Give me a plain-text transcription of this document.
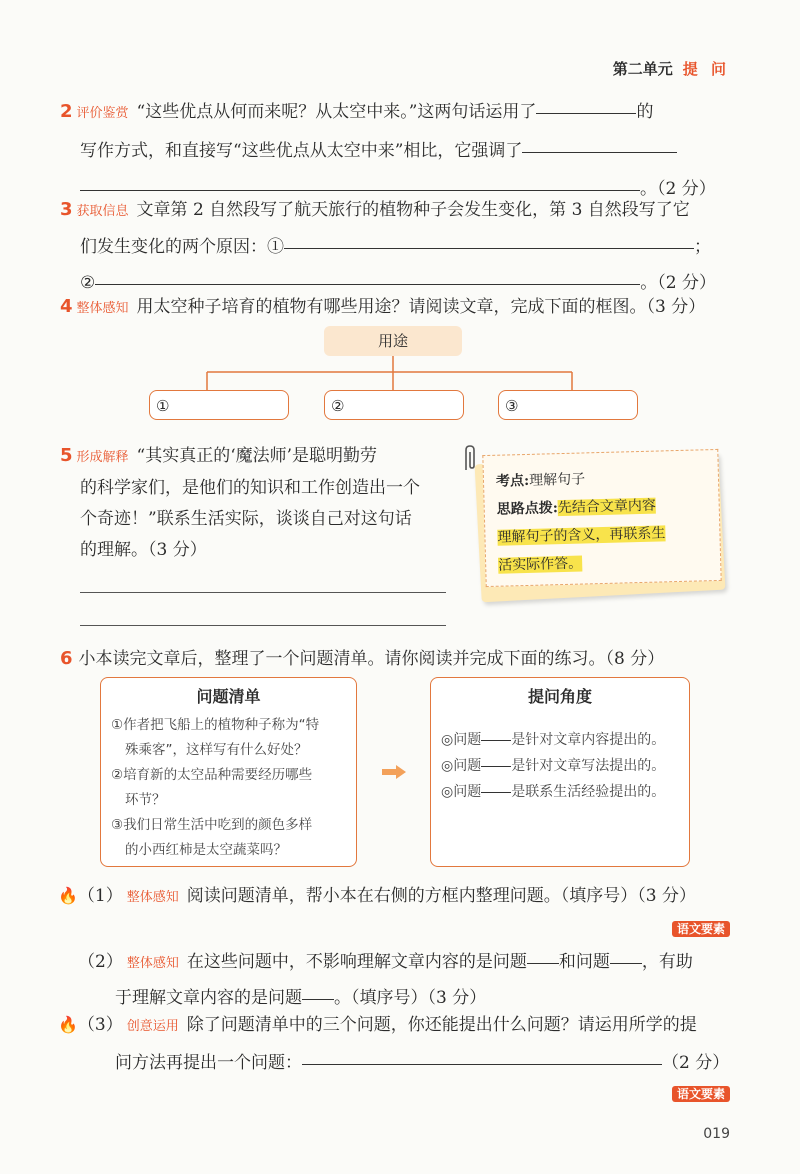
第二单元 提 问
2 评价鉴赏 “这些优点从何而来呢？从太空中来。”这两句话运用了	的
写作方式，和直接写“这些优点从太空中来”相比，它强调了
。（2 分）
3 获取信息 文章第 2 自然段写了航天旅行的植物种子会发生变化，第 3 自然段写了它
们发生变化的两个原因：①	；
②	。（2 分）
4 整体感知 用太空种子培育的植物有哪些用途？请阅读文章，完成下面的框图。（3 分）
用途
①	②	③
5 形成解释 “其实真正的‘魔法师’是聪明勤劳
的科学家们，是他们的知识和工作创造出一个
个奇迹！”联系生活实际，谈谈自己对这句话
的理解。（3 分）
考点:理解句子
思路点拨:先结合文章内容
理解句子的含义，再联系生
活实际作答。
6 小本读完文章后，整理了一个问题清单。请你阅读并完成下面的练习。（8 分）
问题清单
①作者把飞船上的植物种子称为“特
殊乘客”，这样写有什么好处？
②培育新的太空品种需要经历哪些
环节？
③我们日常生活中吃到的颜色多样
的小西红柿是太空蔬菜吗？
提问角度
◎问题 是针对文章内容提出的。
◎问题 是针对文章写法提出的。
◎问题 是联系生活经验提出的。
🔥（1） 整体感知 阅读问题清单，帮小本在右侧的方框内整理问题。（填序号）（3 分）
语文要素
（2） 整体感知 在这些问题中，不影响理解文章内容的是问题 和问题 ，有助
于理解文章内容的是问题 。（填序号）（3 分）
🔥（3） 创意运用 除了问题清单中的三个问题，你还能提出什么问题？请运用所学的提
问方法再提出一个问题：	（2 分）
语文要素
019
